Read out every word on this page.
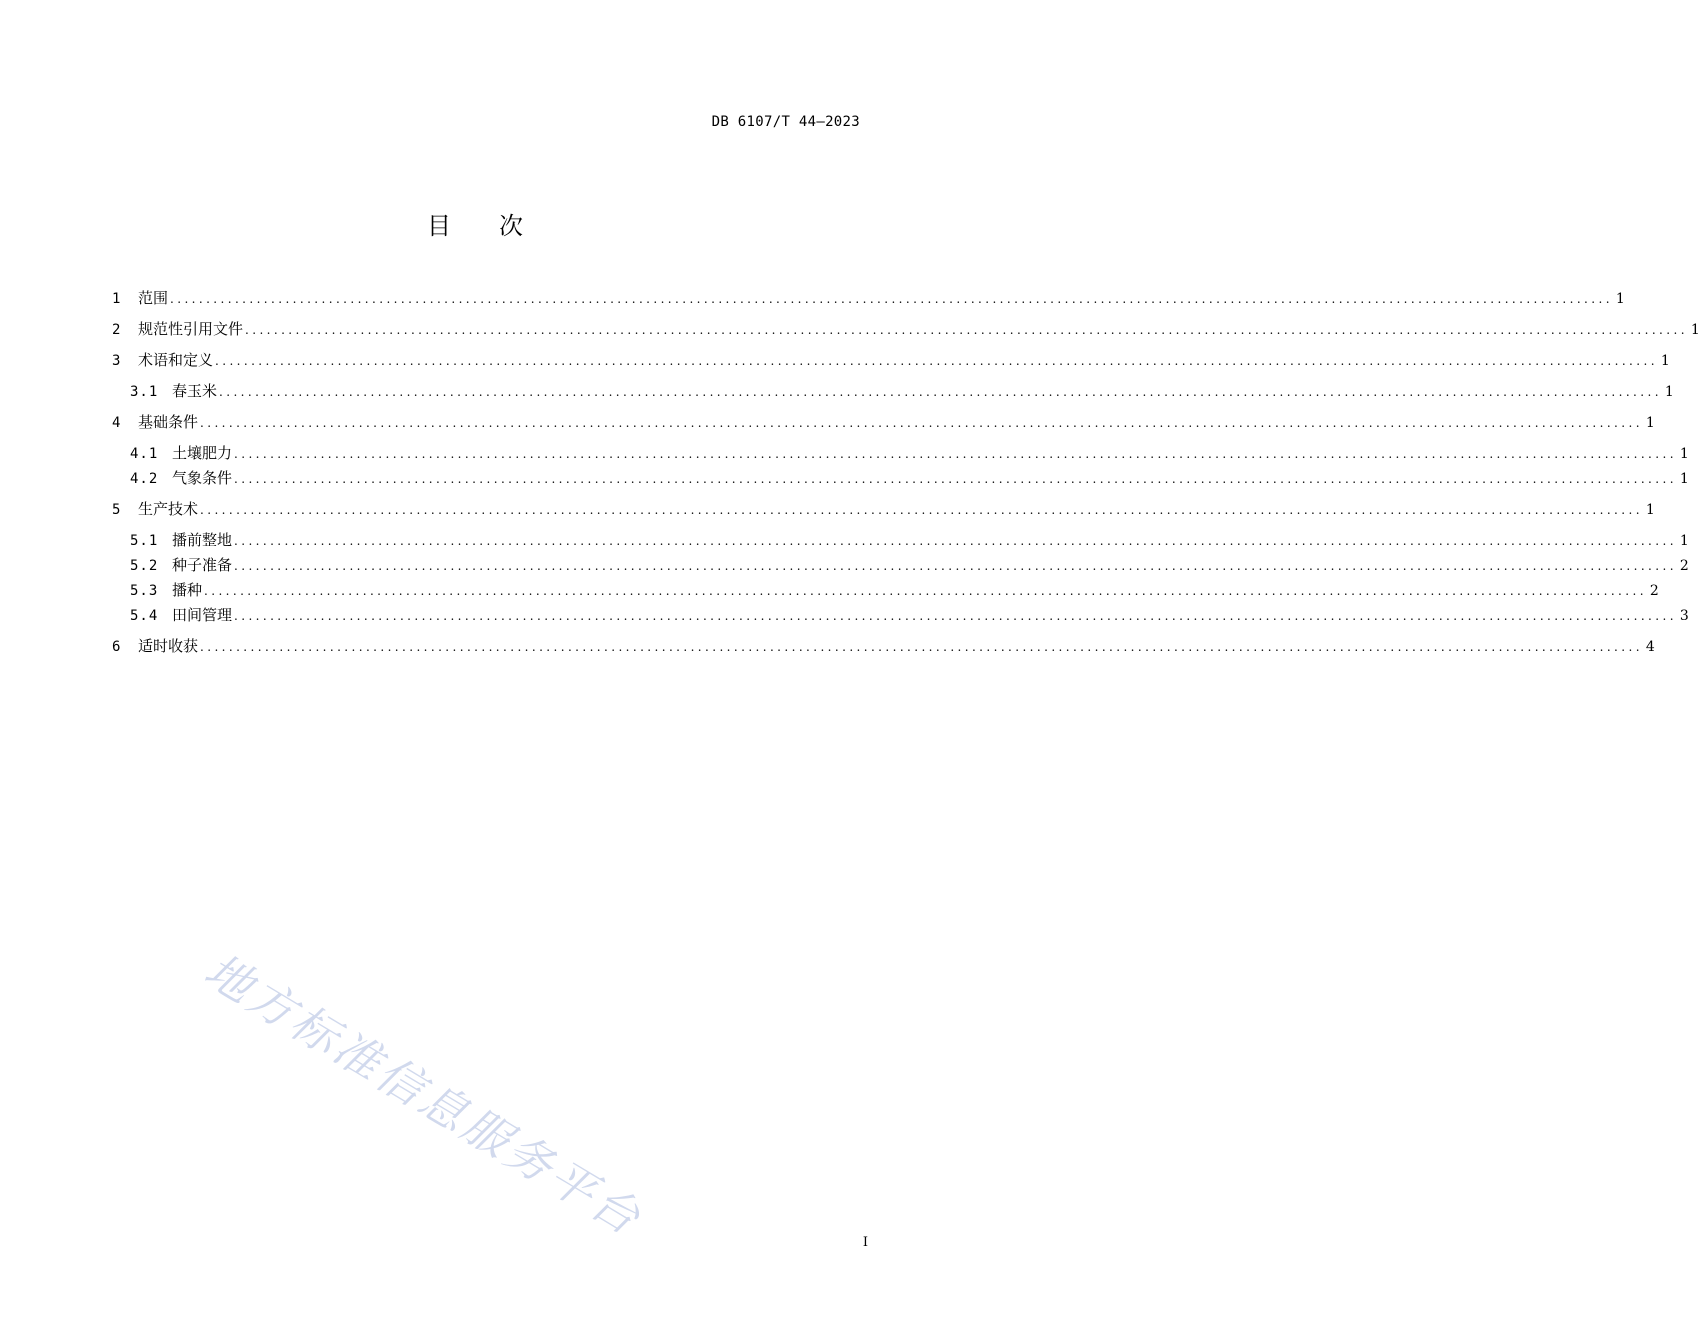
DB 6107/T 44—2023
目次
1	范围 ........................................................................................................................................................................................................ 1
2	规范性引用文件 ........................................................................................................................................................................................................ 1
3	术语和定义 ........................................................................................................................................................................................................ 1
3.1 春玉米 ........................................................................................................................................................................................................ 1
4	基础条件 ........................................................................................................................................................................................................ 1
4.1 土壤肥力 ........................................................................................................................................................................................................ 1
4.2 气象条件 ........................................................................................................................................................................................................ 1
5	生产技术 ........................................................................................................................................................................................................ 1
5.1 播前整地 ........................................................................................................................................................................................................ 1
5.2 种子准备 ........................................................................................................................................................................................................ 2
5.3 播种 ........................................................................................................................................................................................................ 2
5.4 田间管理 ........................................................................................................................................................................................................ 3
6	适时收获 ........................................................................................................................................................................................................ 4
地方标准信息服务平台	I
